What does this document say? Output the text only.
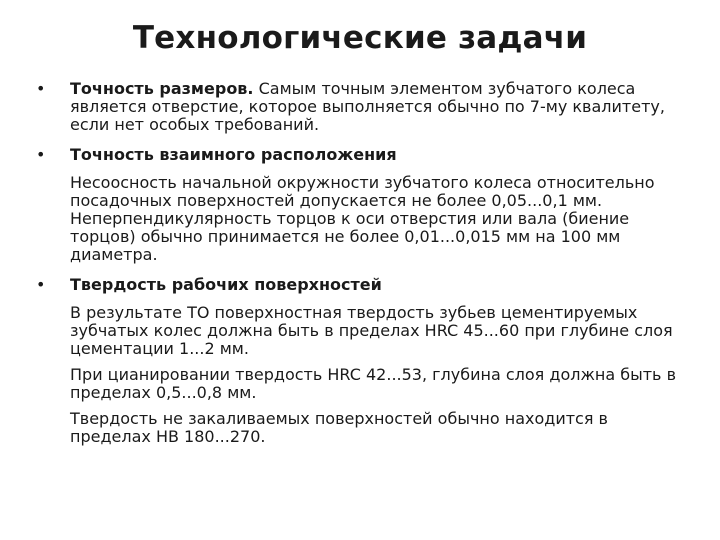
Технологические задачи
•	Точность размеров. Самым точным элементом зубчатого колеса является отверстие, которое выполняется обычно по 7-му квалитету, если нет особых требований.
•	Точность взаимного расположения
Несоосность начальной окружности зубчатого колеса относительно посадочных поверхностей допускается не более 0,05...0,1 мм. Неперпендикулярность торцов к оси отверстия или вала (биение торцов) обычно принимается не более 0,01...0,015 мм на 100 мм диаметра.
•	Твердость рабочих поверхностей
В результате ТО поверхностная твердость зубьев цементируемых зубчатых колес должна быть в пределах HRC 45...60 при глубине слоя цементации 1...2 мм.
При цианировании твердость HRC 42...53, глубина слоя должна быть в пределах 0,5...0,8 мм.
Твердость не закаливаемых поверхностей обычно находится в пределах НВ 180...270.
